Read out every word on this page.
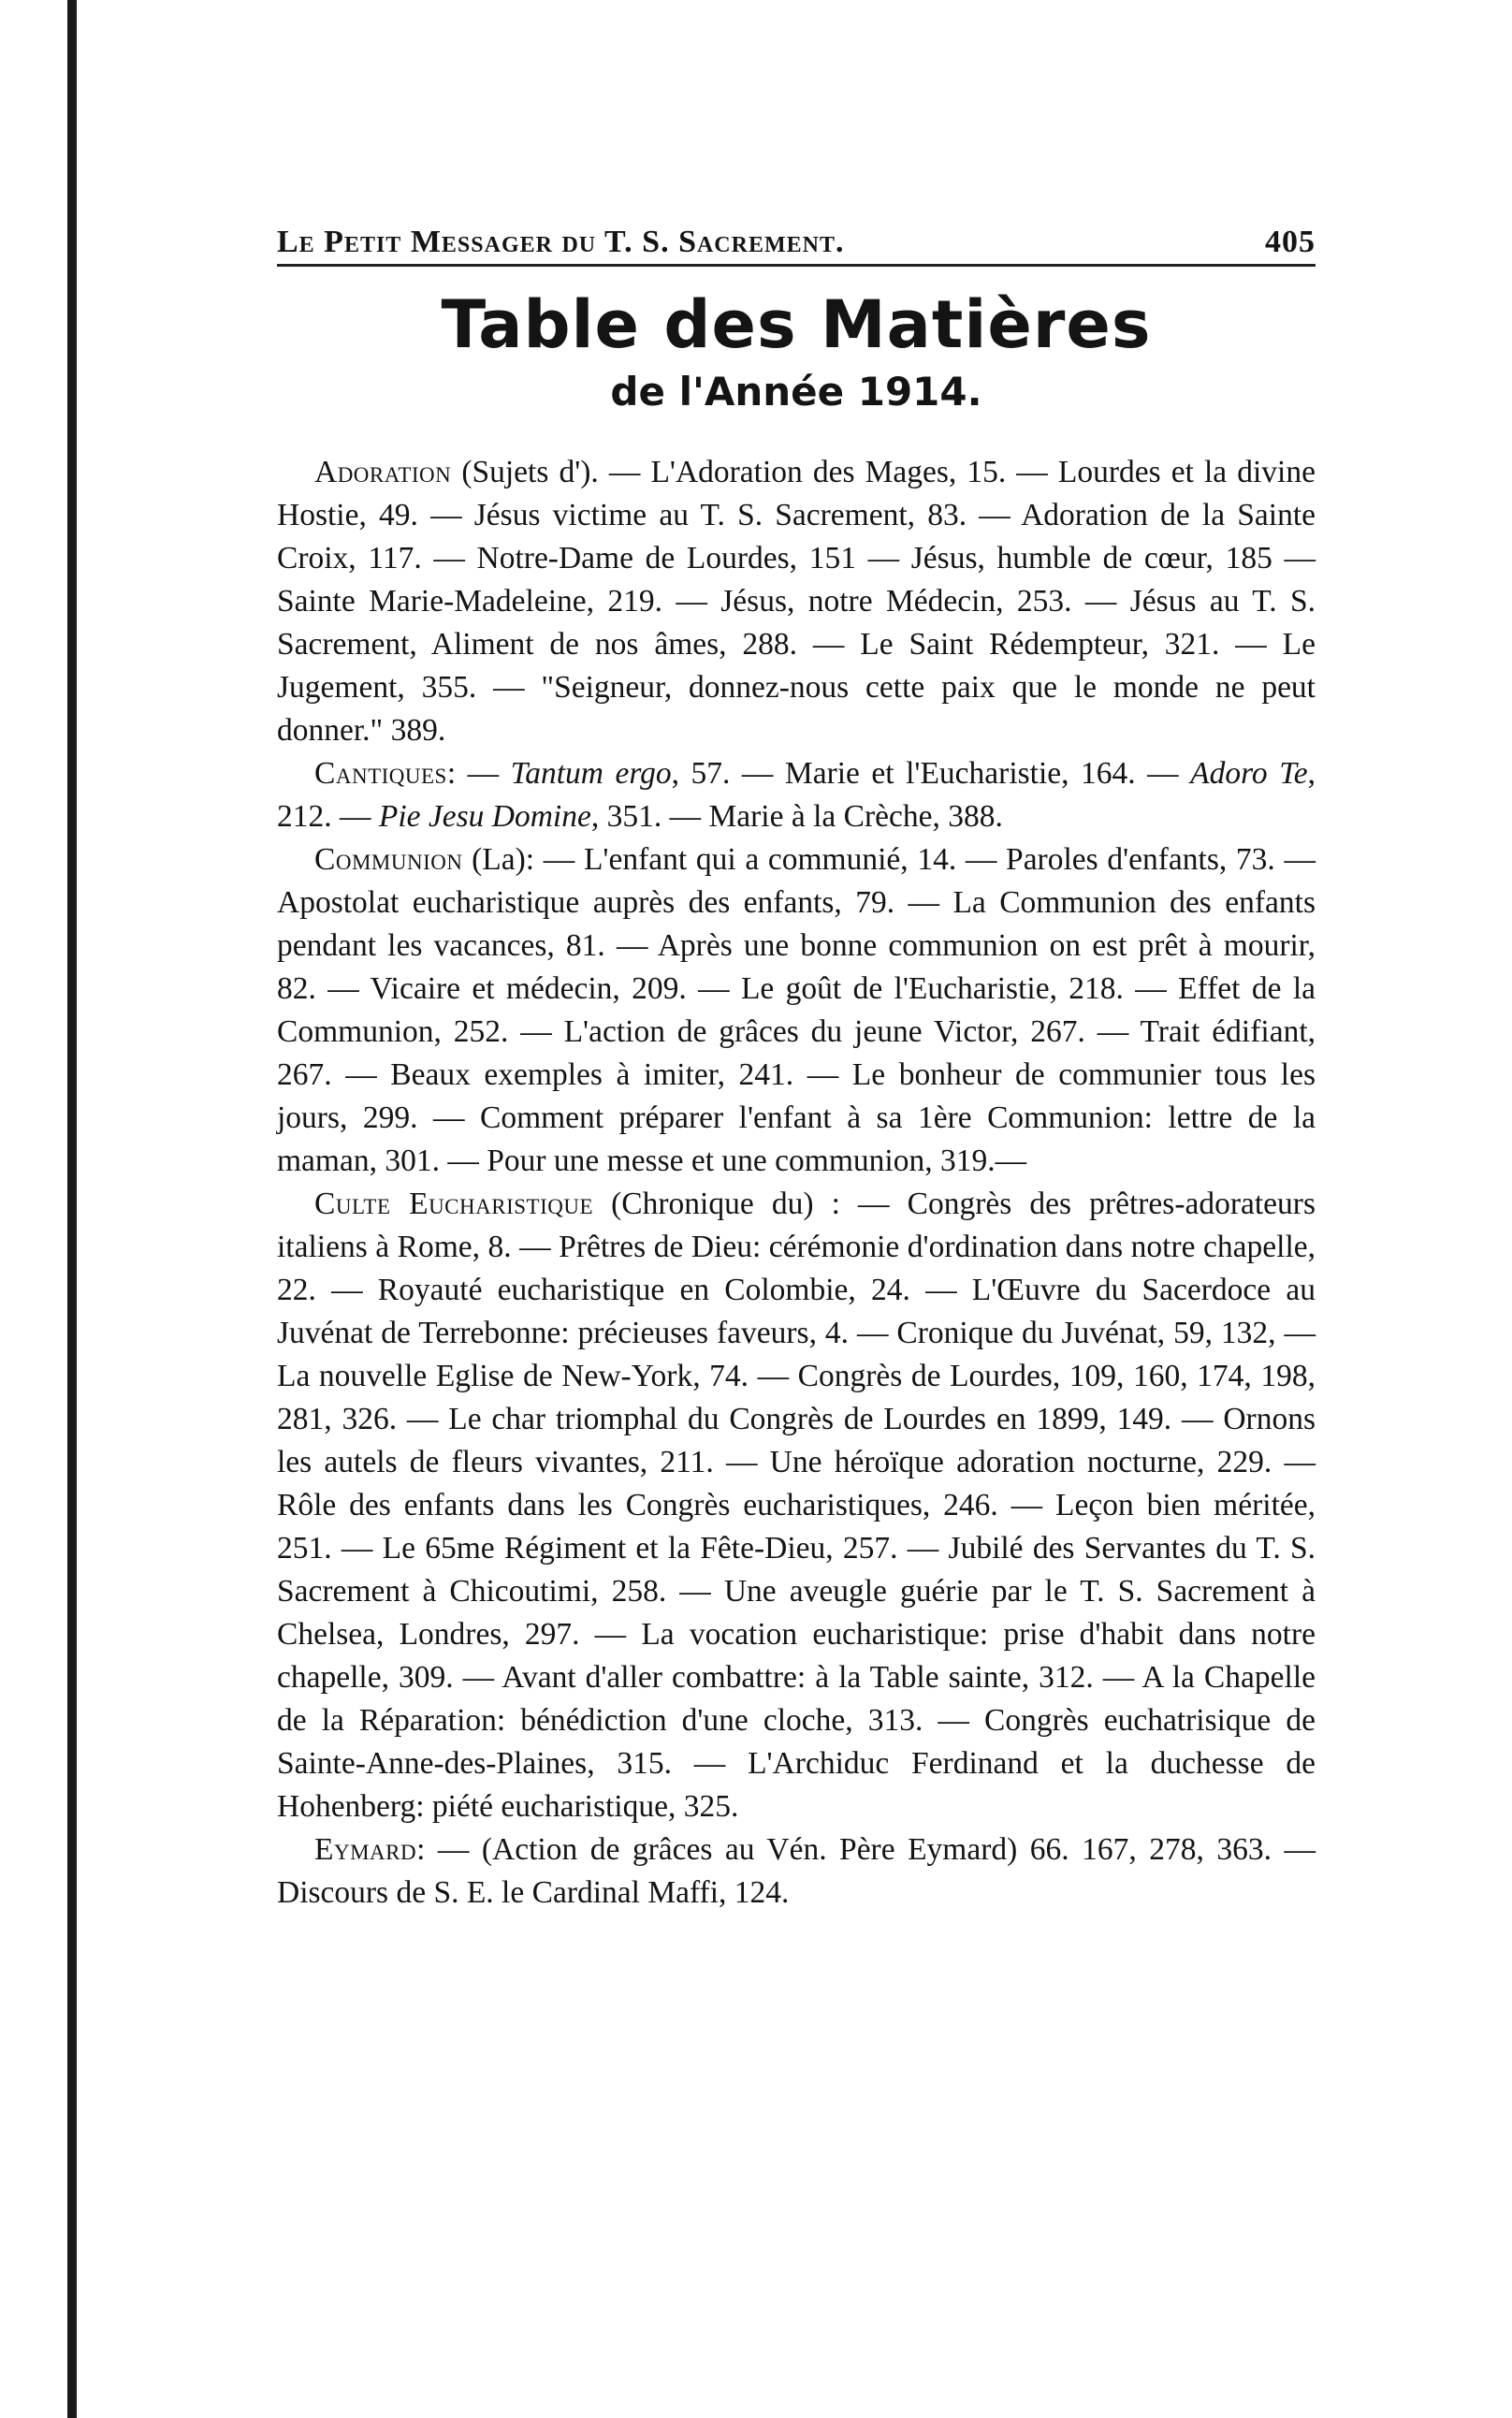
Le Petit Messager du T. S. Sacrement.	405
Table des Matières
de l'Année 1914.

Adoration (Sujets d'). — L'Adoration des Mages, 15. — Lourdes et la divine Hostie, 49. — Jésus victime au T. S. Sacrement, 83. — Adoration de la Sainte Croix, 117. — Notre-Dame de Lourdes, 151 — Jésus, humble de cœur, 185 — Sainte Marie-Madeleine, 219. — Jésus, notre Médecin, 253. — Jésus au T. S. Sacrement, Aliment de nos âmes, 288. — Le Saint Rédempteur, 321. — Le Jugement, 355. — "Seigneur, donnez-nous cette paix que le monde ne peut donner." 389.

Cantiques: — Tantum ergo, 57. — Marie et l'Eucharistie, 164. — Adoro Te, 212. — Pie Jesu Domine, 351. — Marie à la Crèche, 388.

Communion (La): — L'enfant qui a communié, 14. — Paroles d'enfants, 73. — Apostolat eucharistique auprès des enfants, 79. — La Communion des enfants pendant les vacances, 81. — Après une bonne communion on est prêt à mourir, 82. — Vicaire et médecin, 209. — Le goût de l'Eucharistie, 218. — Effet de la Communion, 252. — L'action de grâces du jeune Victor, 267. — Trait édifiant, 267. — Beaux exemples à imiter, 241. — Le bonheur de communier tous les jours, 299. — Comment préparer l'enfant à sa 1ère Communion: lettre de la maman, 301. — Pour une messe et une communion, 319.—

Culte Eucharistique (Chronique du) : — Congrès des prêtres-adorateurs italiens à Rome, 8. — Prêtres de Dieu: cérémonie d'ordination dans notre chapelle, 22. — Royauté eucharistique en Colombie, 24. — L'Œuvre du Sacerdoce au Juvénat de Terrebonne: précieuses faveurs, 4. — Cronique du Juvénat, 59, 132, — La nouvelle Eglise de New-York, 74. — Congrès de Lourdes, 109, 160, 174, 198, 281, 326. — Le char triomphal du Congrès de Lourdes en 1899, 149. — Ornons les autels de fleurs vivantes, 211. — Une héroïque adoration nocturne, 229. — Rôle des enfants dans les Congrès eucharistiques, 246. — Leçon bien méritée, 251. — Le 65me Régiment et la Fête-Dieu, 257. — Jubilé des Servantes du T. S. Sacrement à Chicoutimi, 258. — Une aveugle guérie par le T. S. Sacrement à Chelsea, Londres, 297. — La vocation eucharistique: prise d'habit dans notre chapelle, 309. — Avant d'aller combattre: à la Table sainte, 312. — A la Chapelle de la Réparation: bénédiction d'une cloche, 313. — Congrès euchatrisique de Sainte-Anne-des-Plaines, 315. — L'Archiduc Ferdinand et la duchesse de Hohenberg: piété eucharistique, 325.

Eymard: — (Action de grâces au Vén. Père Eymard) 66. 167, 278, 363. — Discours de S. E. le Cardinal Maffi, 124.
